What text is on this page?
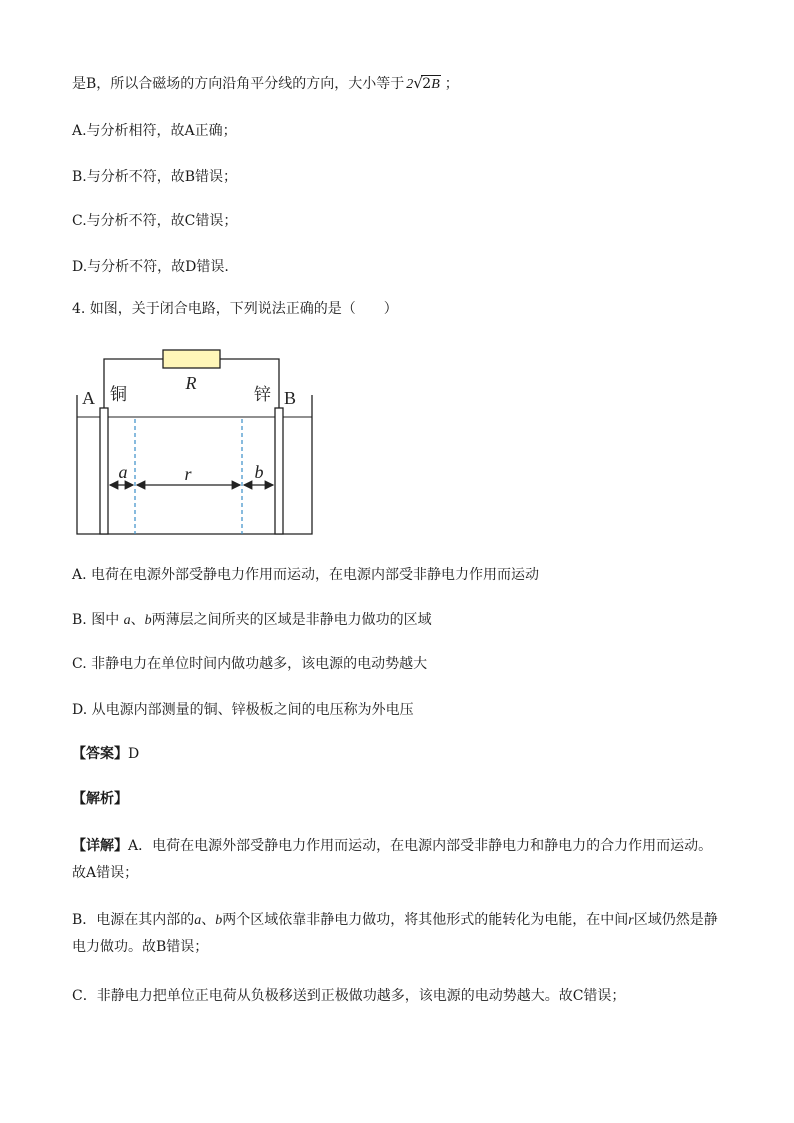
是B，所以合磁场的方向沿角平分线的方向，大小等于 2 √ 2B ；
A.与分析相符，故A正确；
B.与分析不符，故B错误；
C.与分析不符，故C错误；
D.与分析不符，故D错误.
4. 如图，关于闭合电路，下列说法正确的是（　　）
R
A 铜	锌 B
a	r	b
A. 电荷在电源外部受静电力作用而运动，在电源内部受非静电力作用而运动
B. 图中 a、b两薄层之间所夹的区域是非静电力做功的区域
C. 非静电力在单位时间内做功越多，该电源的电动势越大
D. 从电源内部测量的铜、锌极板之间的电压称为外电压
【答案】D
【解析】
【详解】A．电荷在电源外部受静电力作用而运动，在电源内部受非静电力和静电力的合力作用而运动。故A错误；
B．电源在其内部的a、b两个区域依靠非静电力做功，将其他形式的能转化为电能，在中间r区域仍然是静电力做功。故B错误；
C．非静电力把单位正电荷从负极移送到正极做功越多，该电源的电动势越大。故C错误；
